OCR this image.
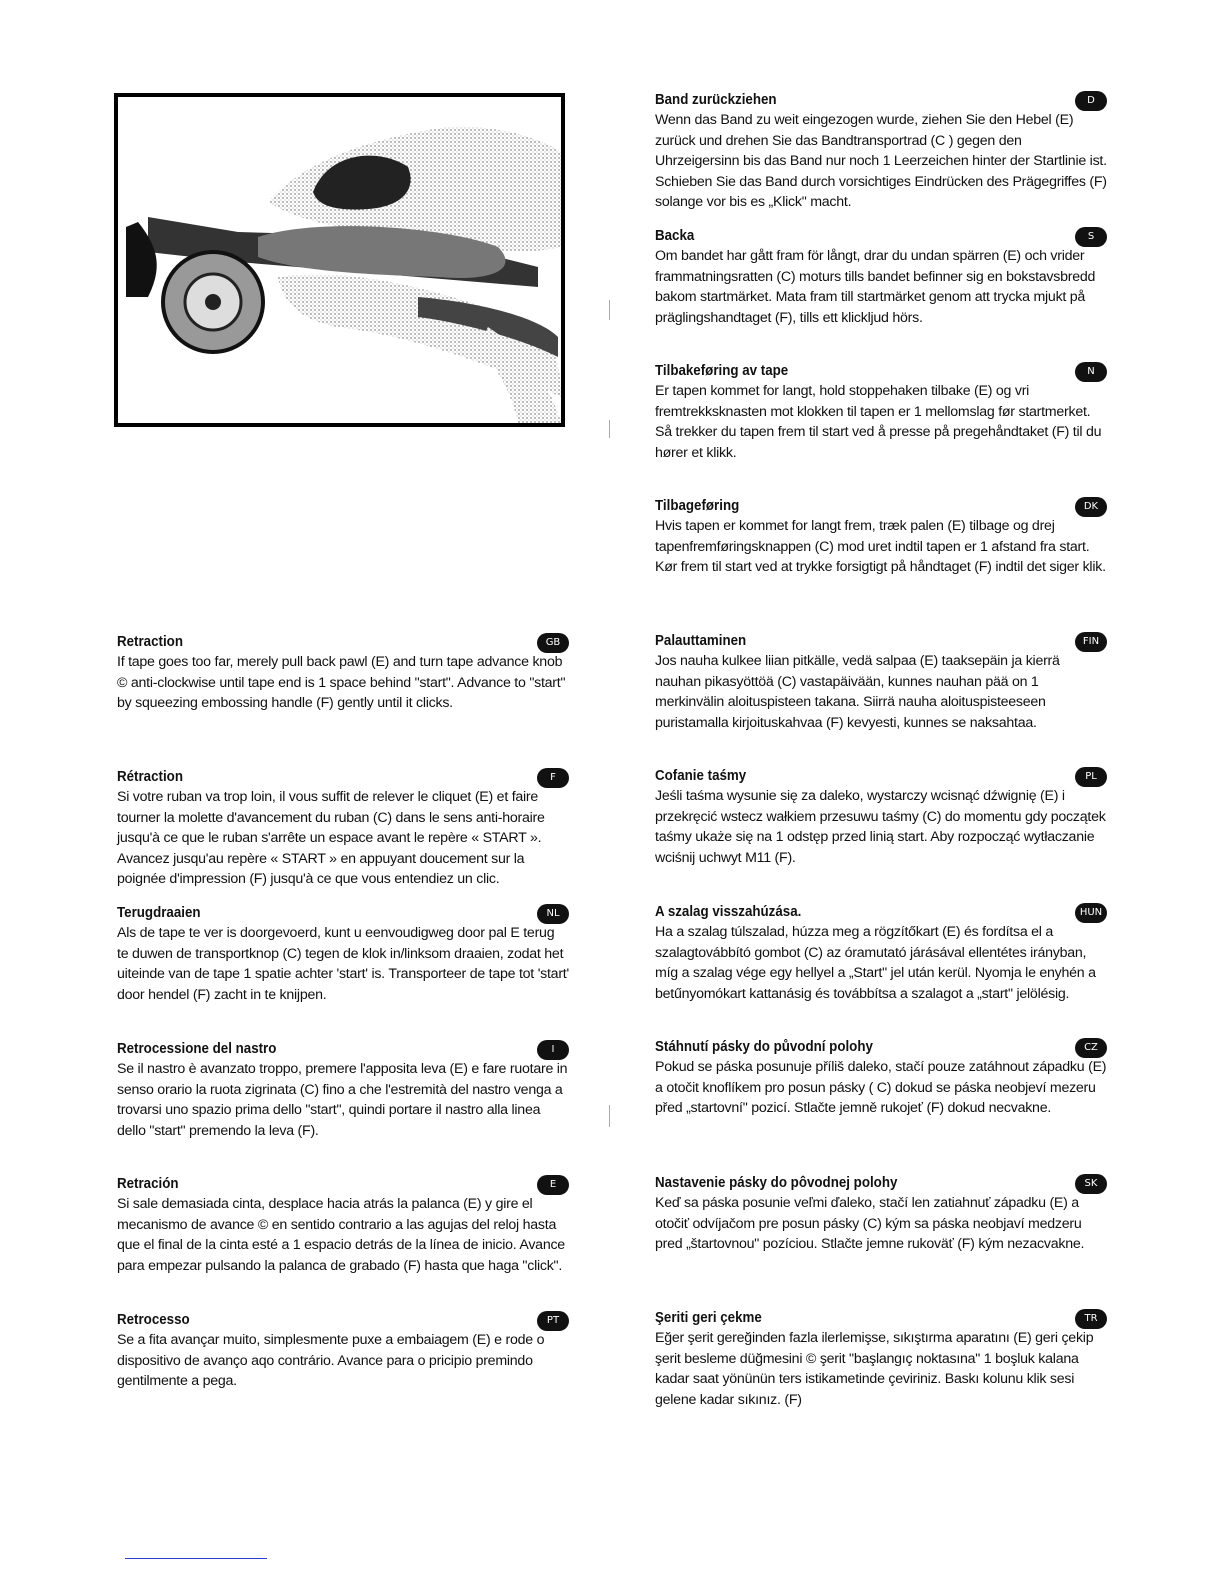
D

Band zurückziehen

Wenn das Band zu weit eingezogen wurde, ziehen Sie den Hebel (E) zurück und drehen Sie das Bandtransportrad (C ) gegen den Uhrzeigersinn bis das Band nur noch 1 Leerzeichen hinter der Startlinie ist. Schieben Sie das Band durch vorsichtiges Eindrücken des Prägegriffes (F) solange vor bis es „Klick" macht.

S

Backa

Om bandet har gått fram för långt, drar du undan spärren (E) och vrider frammatningsratten (C) moturs tills bandet befinner sig en bokstavsbredd bakom startmärket. Mata fram till startmärket genom att trycka mjukt på präglingshandtaget (F), tills ett klickljud hörs.

N

Tilbakeføring av tape

Er tapen kommet for langt, hold stoppehaken tilbake (E) og vri fremtrekksknasten mot klokken til tapen er 1 mellomslag før startmerket. Så trekker du tapen frem til start ved å presse på pregehåndtaket (F) til du hører et klikk.

DK

Tilbageføring

Hvis tapen er kommet for langt frem, træk palen (E) tilbage og drej tapenfremføringsknappen (C) mod uret indtil tapen er 1 afstand fra start. Kør frem til start ved at trykke forsigtigt på håndtaget (F) indtil det siger klik.

GB

Retraction

If tape goes too far, merely pull back pawl (E) and turn tape advance knob © anti-clockwise until tape end is 1 space behind "start". Advance to "start" by squeezing embossing handle (F) gently until it clicks.

FIN

Palauttaminen

Jos nauha kulkee liian pitkälle, vedä salpaa (E) taaksepäin ja kierrä nauhan pikasyöttöä (C) vastapäivään, kunnes nauhan pää on 1 merkinvälin aloituspisteen takana. Siirrä nauha aloituspisteeseen puristamalla kirjoituskahvaa (F) kevyesti, kunnes se naksahtaa.

F

Rétraction

Si votre ruban va trop loin, il vous suffit de relever le cliquet (E) et faire tourner la molette d'avancement du ruban (C) dans le sens anti-horaire jusqu'à ce que le ruban s'arrête un espace avant le repère « START ». Avancez jusqu'au repère « START » en appuyant doucement sur la poignée d'impression (F) jusqu'à ce que vous entendiez un clic.

PL

Cofanie taśmy

Jeśli taśma wysunie się za daleko, wystarczy wcisnąć dźwignię (E) i przekręcić wstecz wałkiem przesuwu taśmy (C) do momentu gdy początek taśmy ukaże się na 1 odstęp przed linią start. Aby rozpocząć wytłaczanie wciśnij uchwyt M11 (F).

NL

Terugdraaien

Als de tape te ver is doorgevoerd, kunt u eenvoudigweg door pal E terug te duwen de transportknop (C) tegen de klok in/linksom draaien, zodat het uiteinde van de tape 1 spatie achter 'start' is. Transporteer de tape tot 'start' door hendel (F) zacht in te knijpen.

HUN

A szalag visszahúzása.

Ha a szalag túlszalad, húzza meg a rögzítőkart (E) és fordítsa el a szalagtovábbító gombot (C) az óramutató járásával ellentétes irányban, míg a szalag vége egy hellyel a „Start" jel után kerül. Nyomja le enyhén a betűnyomókart kattanásig és továbbítsa a szalagot a „start" jelölésig.

I

Retrocessione del nastro

Se il nastro è avanzato troppo, premere l'apposita leva (E) e fare ruotare in senso orario la ruota zigrinata (C) fino a che l'estremità del nastro venga a trovarsi uno spazio prima dello "start", quindi portare il nastro alla linea dello "start" premendo la leva (F).

CZ

Stáhnutí pásky do původní polohy

Pokud se páska posunuje příliš daleko, stačí pouze zatáhnout západku (E) a otočit knoflíkem pro posun pásky ( C) dokud se páska neobjeví mezeru před „startovní" pozicí. Stlačte jemně rukojeť (F) dokud necvakne.

E

Retración

Si sale demasiada cinta, desplace hacia atrás la palanca (E) y gire el mecanismo de avance © en sentido contrario a las agujas del reloj hasta que el final de la cinta esté a 1 espacio detrás de la línea de inicio. Avance para empezar pulsando la palanca de grabado (F) hasta que haga "click".

SK

Nastavenie pásky do pôvodnej polohy

Keď sa páska posunie veľmi ďaleko, stačí len zatiahnuť západku (E) a otočiť odvíjačom pre posun pásky (C) kým sa páska neobjaví medzeru pred „štartovnou" pozíciou. Stlačte jemne rukoväť (F) kým nezacvakne.

PT

Retrocesso

Se a fita avançar muito, simplesmente puxe a embaiagem (E) e rode o dispositivo de avanço aqo contrário. Avance para o pricipio premindo gentilmente a pega.

TR

Şeriti geri çekme

Eğer şerit gereğinden fazla ilerlemişse, sıkıştırma aparatını (E) geri çekip şerit besleme düğmesini © şerit "başlangıç noktasına" 1 boşluk kalana kadar saat yönünün ters istikametinde çeviriniz. Baskı kolunu klik sesi gelene kadar sıkınız. (F)
